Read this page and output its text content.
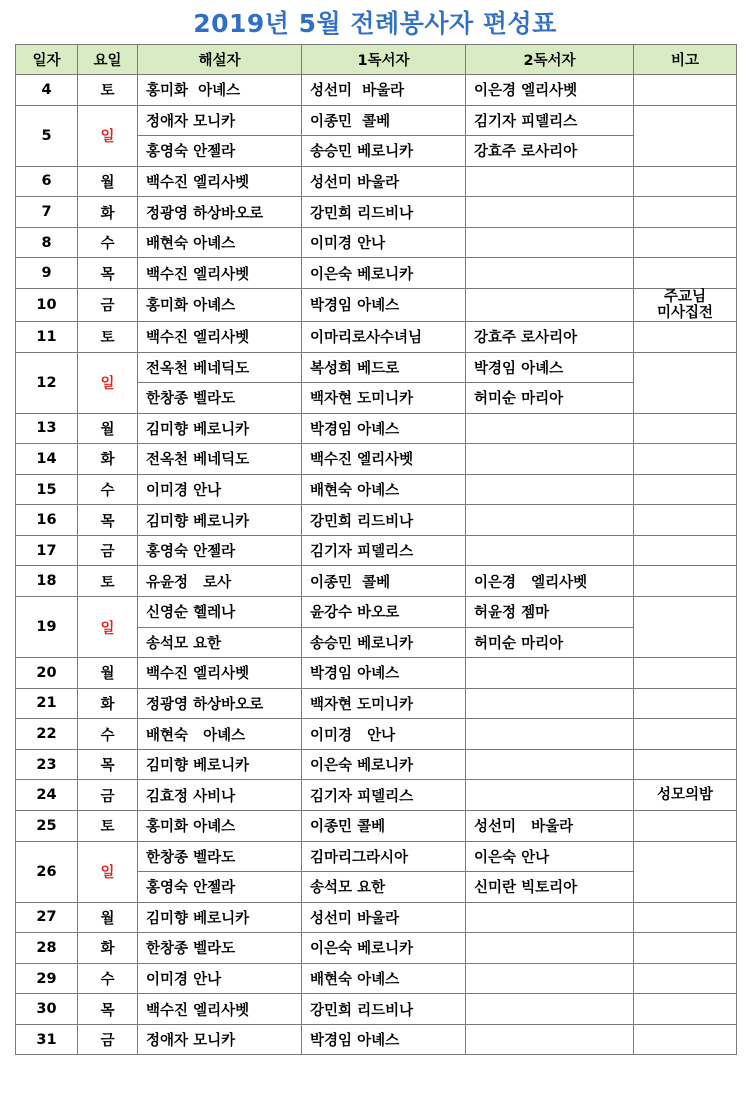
2019년 5월 전례봉사자 편성표
일자	요일	해설자	1독서자	2독서자	비고
4	토	홍미화  아녜스	성선미  바울라	이은경 엘리사벳	
5	일	정애자 모니카	이종민  콜베	김기자 피델리스	
		홍영숙 안젤라	송승민 베로니카	강효주 로사리아	
6	월	백수진 엘리사벳	성선미 바울라		
7	화	정광영 하상바오로	강민희 리드비나		
8	수	배현숙 아녜스	이미경 안나		
9	목	백수진 엘리사벳	이은숙 베로니카		
10	금	홍미화 아녜스	박경임 아녜스		주교님
미사집전
11	토	백수진 엘리사벳	이마리로사수녀님	강효주 로사리아	
12	일	전옥천 베네딕도	복성희 베드로	박경임 아녜스	
		한창종 벨라도	백자현 도미니카	허미순 마리아	
13	월	김미향 베로니카	박경임 아녜스		
14	화	전옥천 베네딕도	백수진 엘리사벳		
15	수	이미경 안나	배현숙 아녜스		
16	목	김미향 베로니카	강민희 리드비나		
17	금	홍영숙 안젤라	김기자 피델리스		
18	토	유윤정   로사	이종민  콜베	이은경   엘리사벳	
19	일	신영순 헬레나	윤강수 바오로	허윤정 젬마	
		송석모 요한	송승민 베로니카	허미순 마리아	
20	월	백수진 엘리사벳	박경임 아녜스		
21	화	정광영 하상바오로	백자현 도미니카		
22	수	배현숙   아녜스	이미경   안나		
23	목	김미향 베로니카	이은숙 베로니카		
24	금	김효정 사비나	김기자 피델리스		성모의밤
25	토	홍미화 아녜스	이종민 콜베	성선미   바울라	
26	일	한창종 벨라도	김마리그라시아	이은숙 안나	
		홍영숙 안젤라	송석모 요한	신미란 빅토리아	
27	월	김미향 베로니카	성선미 바울라		
28	화	한창종 벨라도	이은숙 베로니카		
29	수	이미경 안나	배현숙 아녜스		
30	목	백수진 엘리사벳	강민희 리드비나		
31	금	정애자 모니카	박경임 아녜스		
